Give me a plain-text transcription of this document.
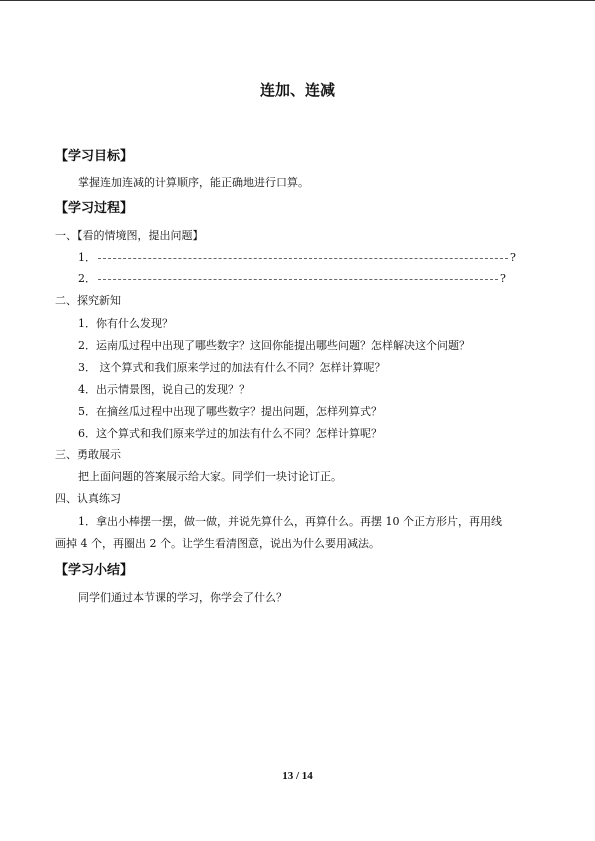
连加、连减
【学习目标】
掌握连加连减的计算顺序，能正确地进行口算。
【学习过程】
一、【看的情境图，提出问题】
1．	?
2．	?
二、探究新知
1．你有什么发现？
2．运南瓜过程中出现了哪些数字？这回你能提出哪些问题？怎样解决这个问题？
3． 这个算式和我们原来学过的加法有什么不同？怎样计算呢？
4．出示情景图，说自己的发现？？
5．在摘丝瓜过程中出现了哪些数字？提出问题，怎样列算式？
6．这个算式和我们原来学过的加法有什么不同？怎样计算呢？
三、勇敢展示
把上面问题的答案展示给大家。同学们一块讨论订正。
四、认真练习
1．拿出小棒摆一摆，做一做，并说先算什么，再算什么。再摆 10 个正方形片，再用线
画掉 4 个，再圈出 2 个。让学生看清图意，说出为什么要用减法。
【学习小结】
同学们通过本节课的学习，你学会了什么？
13 / 14
